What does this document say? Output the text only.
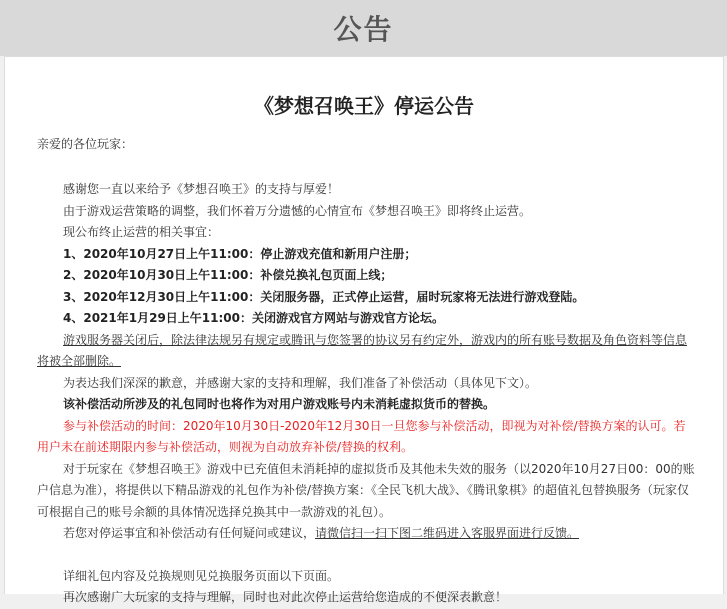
公告
《梦想召唤王》停运公告
亲爱的各位玩家：

感谢您一直以来给予《梦想召唤王》的支持与厚爱！

由于游戏运营策略的调整，我们怀着万分遗憾的心情宣布《梦想召唤王》即将终止运营。

现公布终止运营的相关事宜：

1、2020年10月27日上午11:00：停止游戏充值和新用户注册；

2、2020年10月30日上午11:00：补偿兑换礼包页面上线；

3、2020年12月30日上午11:00：关闭服务器，正式停止运营，届时玩家将无法进行游戏登陆。

4、2021年1月29日上午11:00：关闭游戏官方网站与游戏官方论坛。

游戏服务器关闭后，除法律法规另有规定或腾讯与您签署的协议另有约定外，游戏内的所有账号数据及角色资料等信息将被全部删除。

为表达我们深深的歉意，并感谢大家的支持和理解，我们准备了补偿活动（具体见下文）。

该补偿活动所涉及的礼包同时也将作为对用户游戏账号内未消耗虚拟货币的替换。

参与补偿活动的时间：2020年10月30日-2020年12月30日一旦您参与补偿活动，即视为对补偿/替换方案的认可。若用户未在前述期限内参与补偿活动，则视为自动放弃补偿/替换的权利。

对于玩家在《梦想召唤王》游戏中已充值但未消耗掉的虚拟货币及其他未失效的服务（以2020年10月27日00：00的账户信息为准），将提供以下精品游戏的礼包作为补偿/替换方案：《全民飞机大战》、《腾讯象棋》的超值礼包替换服务（玩家仅可根据自己的账号余额的具体情况选择兑换其中一款游戏的礼包）。

若您对停运事宜和补偿活动有任何疑问或建议，请微信扫一扫下图二维码进入客服界面进行反馈。

详细礼包内容及兑换规则见兑换服务页面以下页面。

再次感谢广大玩家的支持与理解，同时也对此次停止运营给您造成的不便深表歉意！
